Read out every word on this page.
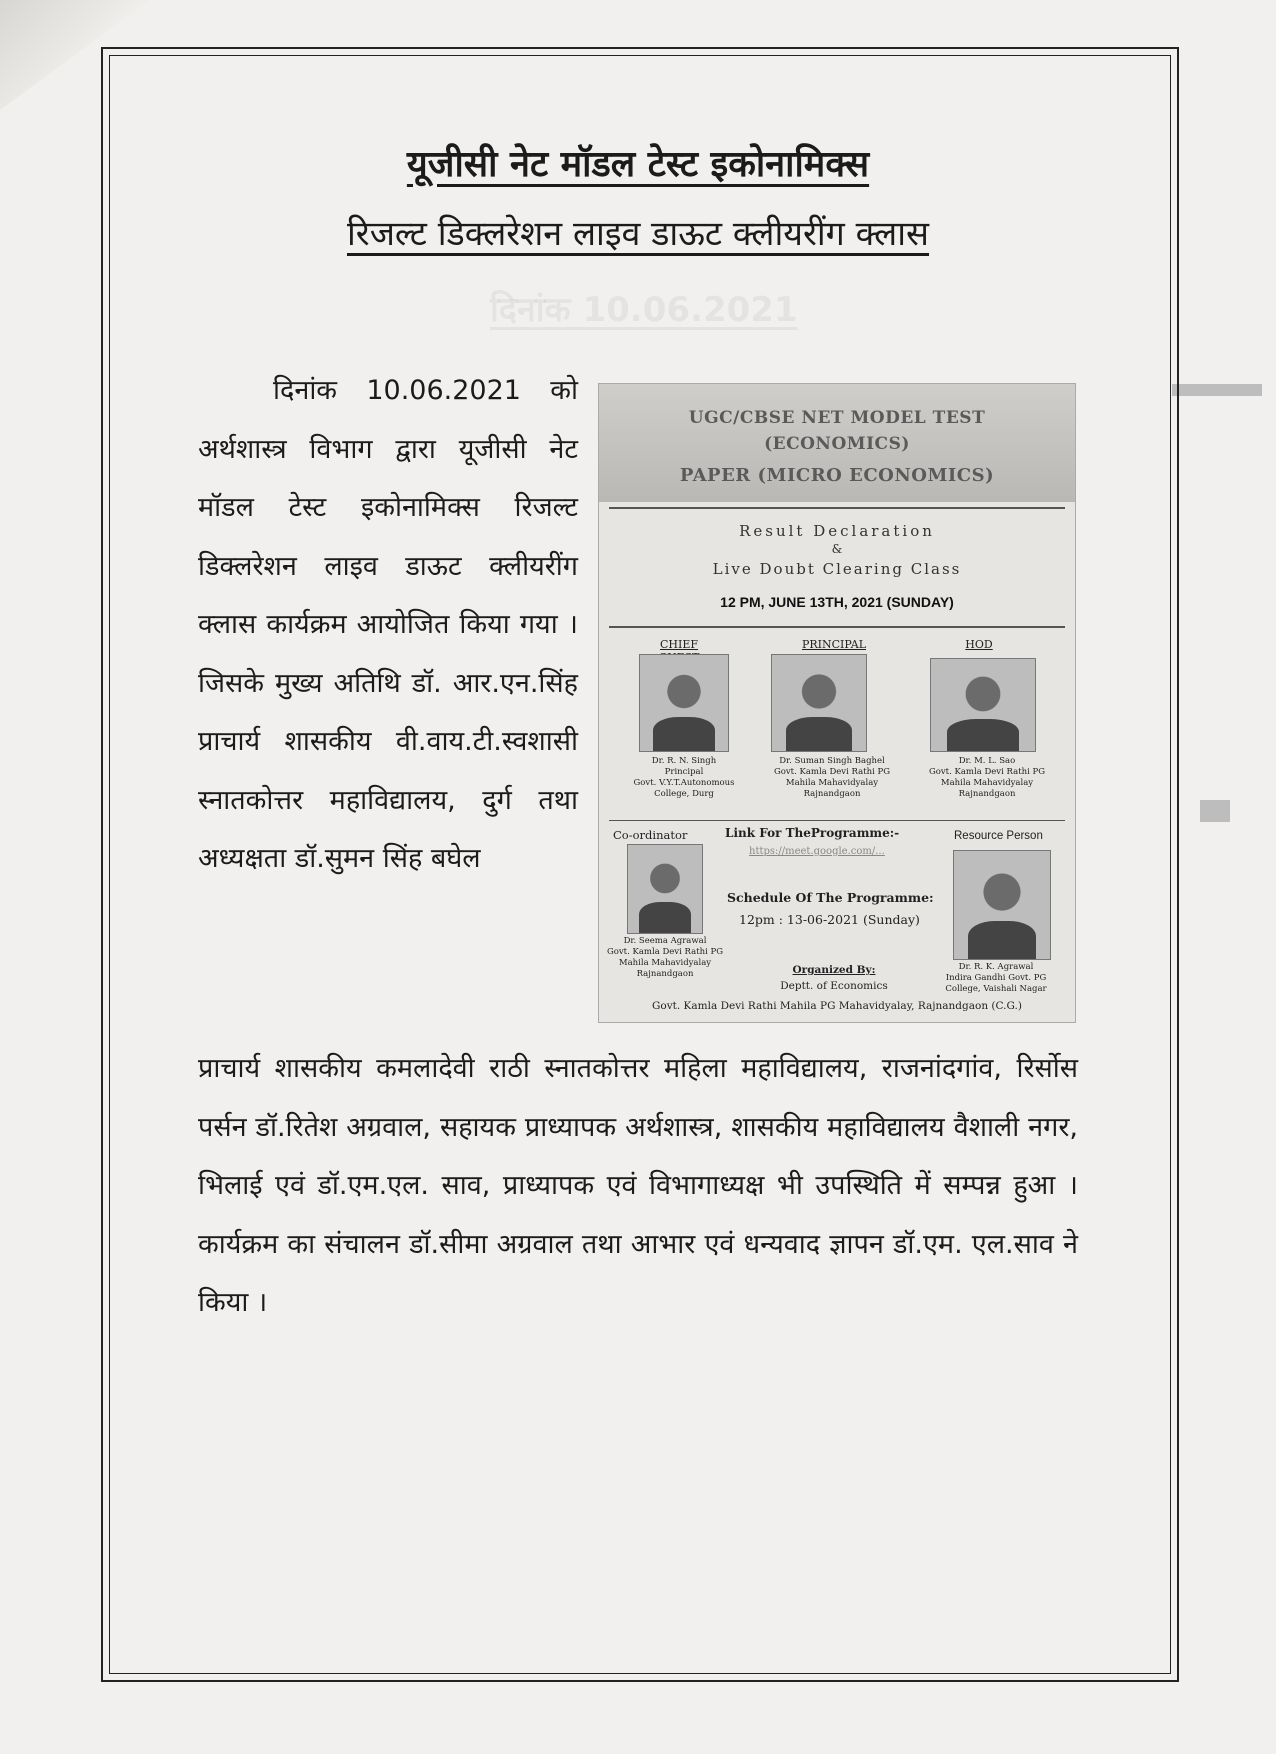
यूजीसी नेट मॉडल टेस्ट इकोनामिक्स
रिजल्ट डिक्लरेशन लाइव डाऊट क्लीयरींग क्लास
दिनांक 10.06.2021
दिनांक 10.06.2021 को अर्थशास्त्र विभाग द्वारा यूजीसी नेट मॉडल टेस्ट इकोनामिक्स रिजल्ट डिक्लरेशन लाइव डाऊट क्लीयरींग क्लास कार्यक्रम आयोजित किया गया । जिसके मुख्य अतिथि डॉ. आर.एन.सिंह प्राचार्य शासकीय वी.वाय.टी.स्वशासी स्नातकोत्तर महाविद्यालय, दुर्ग तथा अध्यक्षता डॉ.सुमन सिंह बघेल
UGC/CBSE NET MODEL TEST
(ECONOMICS)
PAPER (MICRO ECONOMICS)
Result Declaration
&
Live Doubt Clearing Class
12 PM, JUNE 13TH, 2021 (SUNDAY)
CHIEF	PRINCIPAL	HOD
Dr. R. N. Singh
Principal
Govt. V.Y.T.Autonomous
College, Durg
Dr. Suman Singh Baghel
Govt. Kamla Devi Rathi PG
Mahila Mahavidyalay
Rajnandgaon
Dr. M. L. Sao
Govt. Kamla Devi Rathi PG
Mahila Mahavidyalay
Rajnandgaon
Co-ordinator	Link For TheProgramme:-	Resource Person
https://meet.google.com/...
Schedule Of The Programme:
12pm : 13-06-2021 (Sunday)
Dr. Seema Agrawal
Govt. Kamla Devi Rathi PG
Mahila Mahavidyalay
Rajnandgaon
Dr. R. K. Agrawal
Indira Gandhi Govt. PG
College, Vaishali Nagar
Organized By:
Deptt. of Economics
Govt. Kamla Devi Rathi Mahila PG Mahavidyalay, Rajnandgaon (C.G.)
प्राचार्य शासकीय कमलादेवी राठी स्नातकोत्तर महिला महाविद्यालय, राजनांदगांव, रिर्सोस पर्सन डॉ.रितेश अग्रवाल, सहायक प्राध्यापक अर्थशास्त्र, शासकीय महाविद्यालय वैशाली नगर, भिलाई एवं डॉ.एम.एल. साव, प्राध्यापक एवं विभागाध्यक्ष भी उपस्थिति में सम्पन्न हुआ । कार्यक्रम का संचालन डॉ.सीमा अग्रवाल तथा आभार एवं धन्यवाद ज्ञापन डॉ.एम. एल.साव ने किया ।
